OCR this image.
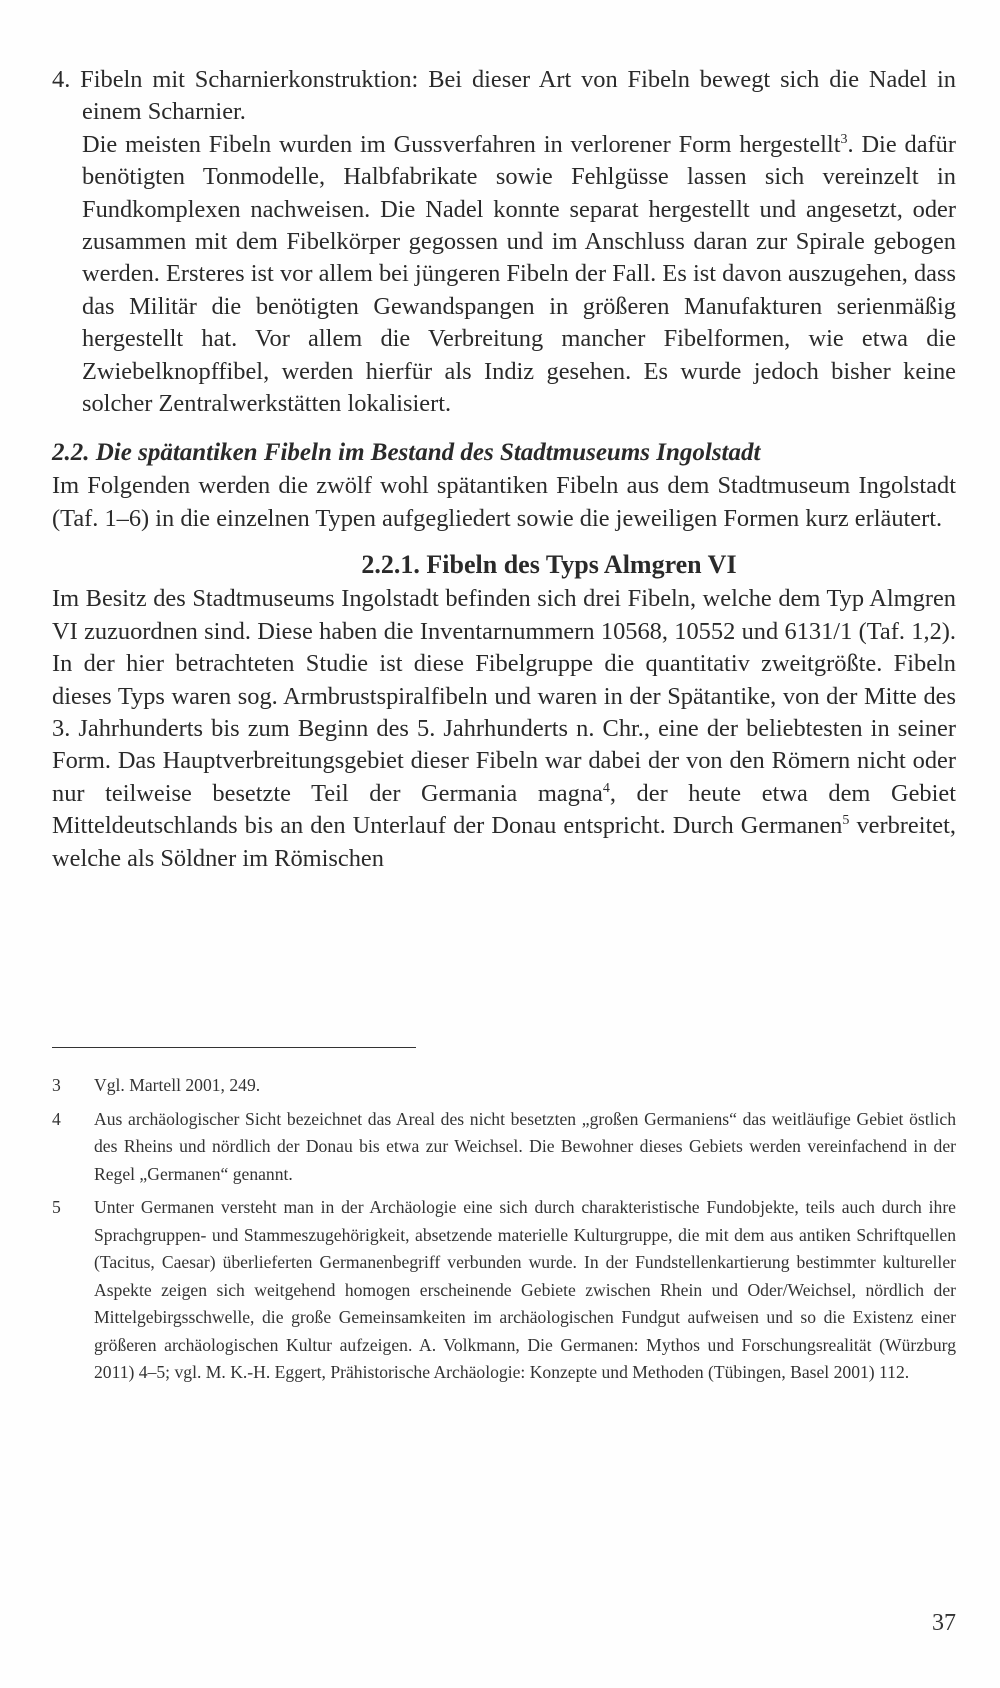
4. Fibeln mit Scharnierkonstruktion: Bei dieser Art von Fibeln bewegt sich die Nadel in einem Scharnier.

Die meisten Fibeln wurden im Gussverfahren in verlorener Form hergestellt$^3$. Die dafür benötigten Tonmodelle, Halbfabrikate sowie Fehlgüsse lassen sich vereinzelt in Fundkomplexen nachweisen. Die Nadel konnte separat hergestellt und angesetzt, oder zusammen mit dem Fibelkörper gegossen und im Anschluss daran zur Spirale gebogen werden. Ersteres ist vor allem bei jüngeren Fibeln der Fall. Es ist davon auszugehen, dass das Militär die benötigten Gewandspangen in größeren Manufakturen serienmäßig hergestellt hat. Vor allem die Verbreitung mancher Fibelformen, wie etwa die Zwiebelknopffibel, werden hierfür als Indiz gesehen. Es wurde jedoch bisher keine solcher Zentralwerkstätten lokalisiert.

2.2. Die spätantiken Fibeln im Bestand des Stadtmuseums Ingolstadt

Im Folgenden werden die zwölf wohl spätantiken Fibeln aus dem Stadtmuseum Ingolstadt (Taf. 1–6) in die einzelnen Typen aufgegliedert sowie die jeweiligen Formen kurz erläutert.

2.2.1. Fibeln des Typs Almgren VI

Im Besitz des Stadtmuseums Ingolstadt befinden sich drei Fibeln, welche dem Typ Almgren VI zuzuordnen sind. Diese haben die Inventarnummern 10568, 10552 und 6131/1 (Taf. 1,2). In der hier betrachteten Studie ist diese Fibelgruppe die quantitativ zweitgrößte. Fibeln dieses Typs waren sog. Armbrustspiralfibeln und waren in der Spätantike, von der Mitte des 3. Jahrhunderts bis zum Beginn des 5. Jahrhunderts n. Chr., eine der beliebtesten in seiner Form. Das Hauptverbreitungsgebiet dieser Fibeln war dabei der von den Römern nicht oder nur teilweise besetzte Teil der Germania magna$^4$, der heute etwa dem Gebiet Mitteldeutschlands bis an den Unterlauf der Donau entspricht. Durch Germanen$^5$ verbreitet, welche als Söldner im Römischen

3 Vgl. Martell 2001, 249.

4 Aus archäologischer Sicht bezeichnet das Areal des nicht besetzten „großen Germaniens“ das weitläufige Gebiet östlich des Rheins und nördlich der Donau bis etwa zur Weichsel. Die Bewohner dieses Gebiets werden vereinfachend in der Regel „Germanen“ genannt.

5 Unter Germanen versteht man in der Archäologie eine sich durch charakteristische Fundobjekte, teils auch durch ihre Sprachgruppen- und Stammeszugehörigkeit, absetzende materielle Kulturgruppe, die mit dem aus antiken Schriftquellen (Tacitus, Caesar) überlieferten Germanenbegriff verbunden wurde. In der Fundstellenkartierung bestimmter kultureller Aspekte zeigen sich weitgehend homogen erscheinende Gebiete zwischen Rhein und Oder/Weichsel, nördlich der Mittelgebirgsschwelle, die große Gemeinsamkeiten im archäologischen Fundgut aufweisen und so die Existenz einer größeren archäologischen Kultur aufzeigen. A. Volkmann, Die Germanen: Mythos und Forschungsrealität (Würzburg 2011) 4–5; vgl. M. K.-H. Eggert, Prähistorische Archäologie: Konzepte und Methoden (Tübingen, Basel 2001) 112.

37
